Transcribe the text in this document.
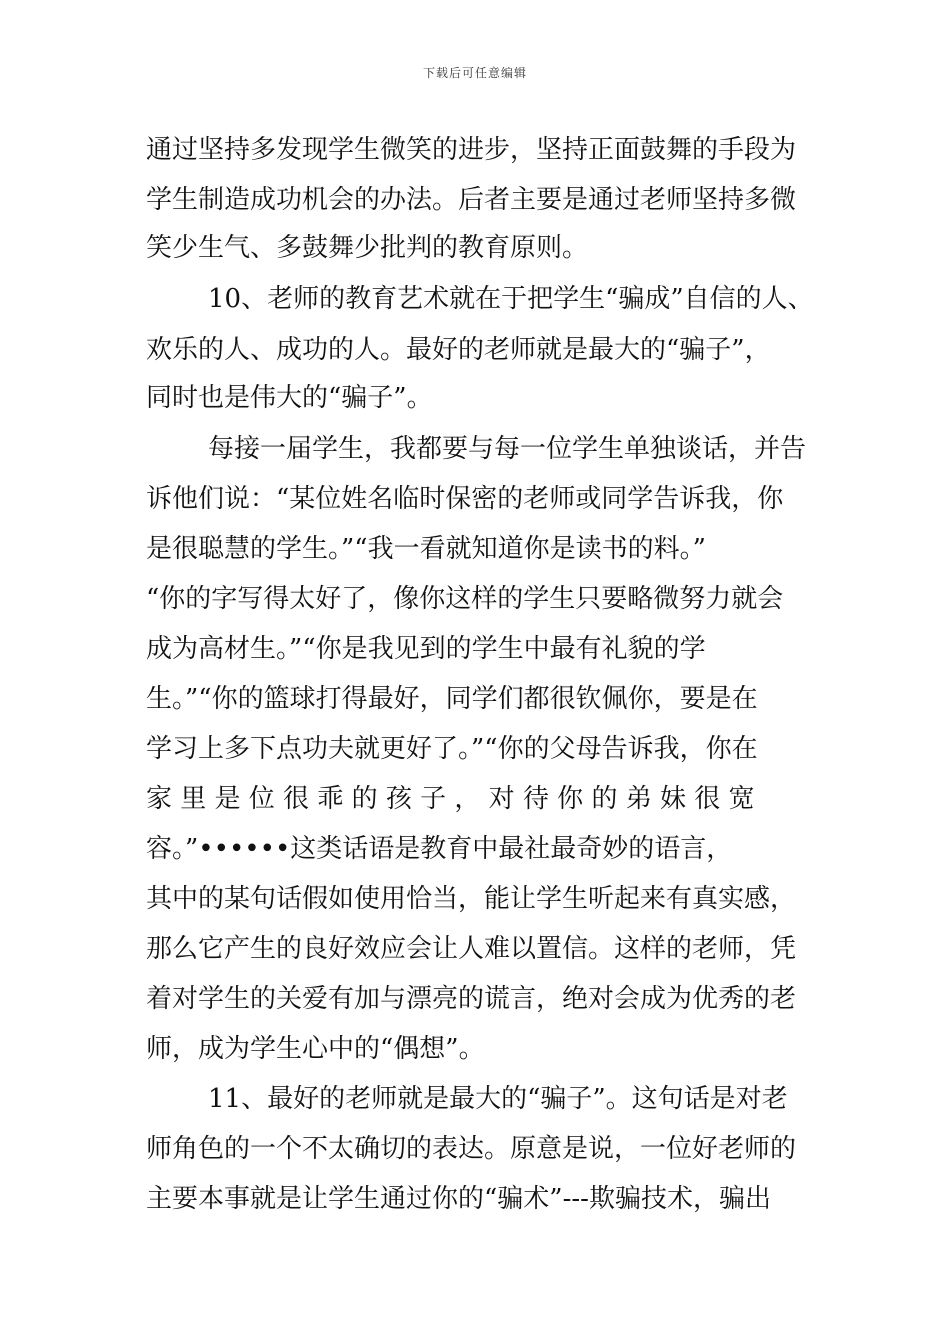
下载后可任意编辑
通过坚持多发现学生微笑的进步，坚持正面鼓舞的手段为
学生制造成功机会的办法。后者主要是通过老师坚持多微
笑少生气、多鼓舞少批判的教育原则。
10、老师的教育艺术就在于把学生“骗成”自信的人、
欢乐的人、成功的人。最好的老师就是最大的“骗子”，
同时也是伟大的“骗子”。
每接一届学生，我都要与每一位学生单独谈话，并告
诉他们说：“某位姓名临时保密的老师或同学告诉我，你
是很聪慧的学生。”“我一看就知道你是读书的料。”
“你的字写得太好了，像你这样的学生只要略微努力就会
成为高材生。”“你是我见到的学生中最有礼貌的学
生。”“你的篮球打得最好，同学们都很钦佩你，要是在
学习上多下点功夫就更好了。”“你的父母告诉我，你在
家 里 是 位 很 乖 的 孩 子 ， 对 待 你 的 弟 妹 很 宽
容。”••••••这类话语是教育中最社最奇妙的语言，
其中的某句话假如使用恰当，能让学生听起来有真实感，
那么它产生的良好效应会让人难以置信。这样的老师，凭
着对学生的关爱有加与漂亮的谎言，绝对会成为优秀的老
师，成为学生心中的“偶想”。
11、最好的老师就是最大的“骗子”。这句话是对老
师角色的一个不太确切的表达。原意是说，一位好老师的
主要本事就是让学生通过你的“骗术”---欺骗技术，骗出
